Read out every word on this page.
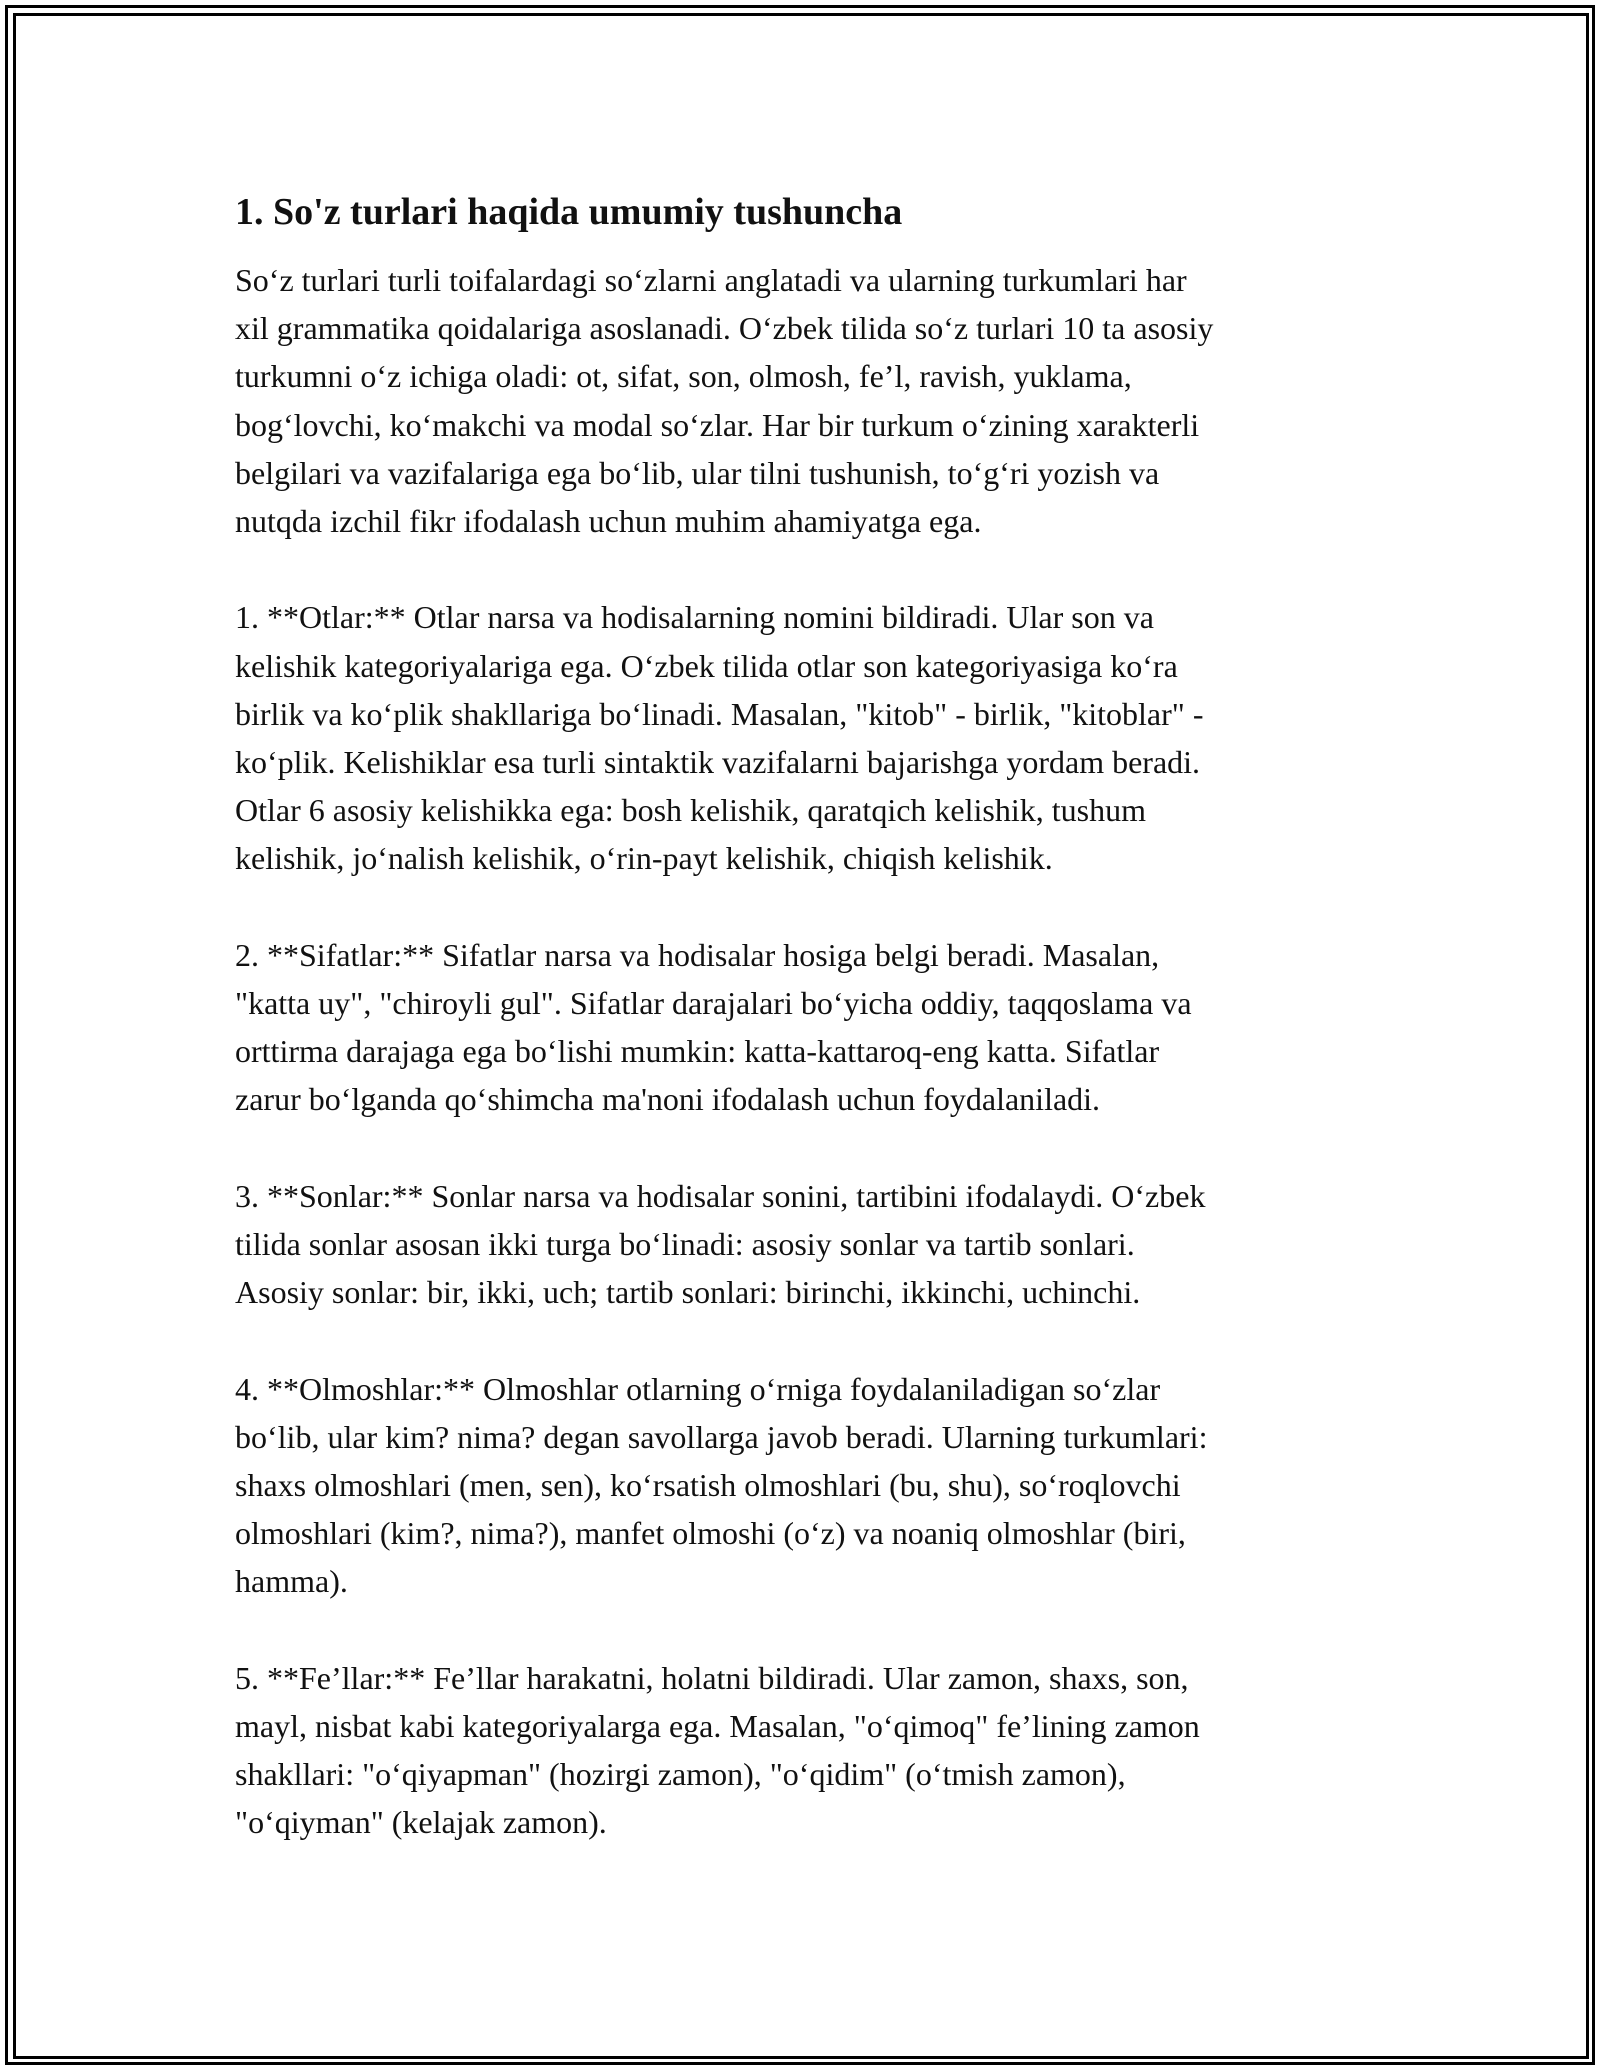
1. So'z turlari haqida umumiy tushuncha

So‘z turlari turli toifalardagi so‘zlarni anglatadi va ularning turkumlari har
xil grammatika qoidalariga asoslanadi. O‘zbek tilida so‘z turlari 10 ta asosiy
turkumni o‘z ichiga oladi: ot, sifat, son, olmosh, fe’l, ravish, yuklama,
bog‘lovchi, ko‘makchi va modal so‘zlar. Har bir turkum o‘zining xarakterli
belgilari va vazifalariga ega bo‘lib, ular tilni tushunish, to‘g‘ri yozish va
nutqda izchil fikr ifodalash uchun muhim ahamiyatga ega.

1. **Otlar:** Otlar narsa va hodisalarning nomini bildiradi. Ular son va
kelishik kategoriyalariga ega. O‘zbek tilida otlar son kategoriyasiga ko‘ra
birlik va ko‘plik shakllariga bo‘linadi. Masalan, "kitob" - birlik, "kitoblar" -
ko‘plik. Kelishiklar esa turli sintaktik vazifalarni bajarishga yordam beradi.
Otlar 6 asosiy kelishikka ega: bosh kelishik, qaratqich kelishik, tushum
kelishik, jo‘nalish kelishik, o‘rin-payt kelishik, chiqish kelishik.

2. **Sifatlar:** Sifatlar narsa va hodisalar hosiga belgi beradi. Masalan,
"katta uy", "chiroyli gul". Sifatlar darajalari bo‘yicha oddiy, taqqoslama va
orttirma darajaga ega bo‘lishi mumkin: katta-kattaroq-eng katta. Sifatlar
zarur bo‘lganda qo‘shimcha ma'noni ifodalash uchun foydalaniladi.

3. **Sonlar:** Sonlar narsa va hodisalar sonini, tartibini ifodalaydi. O‘zbek
tilida sonlar asosan ikki turga bo‘linadi: asosiy sonlar va tartib sonlari.
Asosiy sonlar: bir, ikki, uch; tartib sonlari: birinchi, ikkinchi, uchinchi.

4. **Olmoshlar:** Olmoshlar otlarning o‘rniga foydalaniladigan so‘zlar
bo‘lib, ular kim? nima? degan savollarga javob beradi. Ularning turkumlari:
shaxs olmoshlari (men, sen), ko‘rsatish olmoshlari (bu, shu), so‘roqlovchi
olmoshlari (kim?, nima?), manfet olmoshi (o‘z) va noaniq olmoshlar (biri,
hamma).

5. **Fe’llar:** Fe’llar harakatni, holatni bildiradi. Ular zamon, shaxs, son,
mayl, nisbat kabi kategoriyalarga ega. Masalan, "o‘qimoq" fe’lining zamon
shakllari: "o‘qiyapman" (hozirgi zamon), "o‘qidim" (o‘tmish zamon),
"o‘qiyman" (kelajak zamon).
